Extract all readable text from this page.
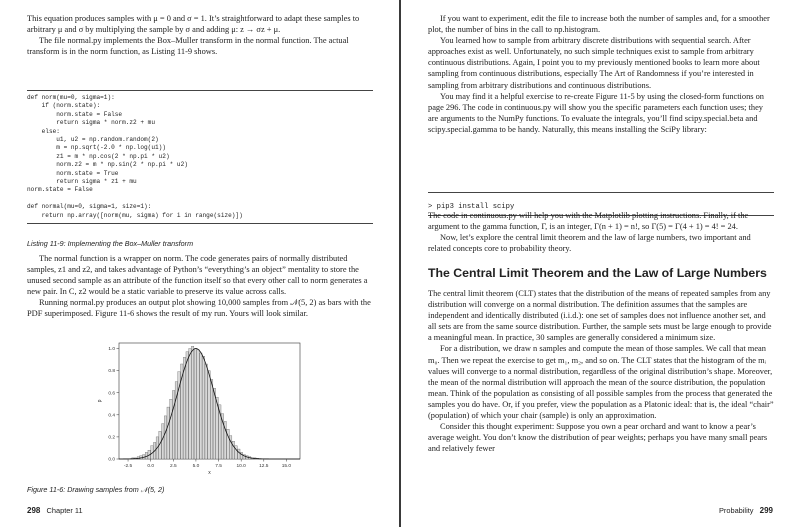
This equation produces samples with μ = 0 and σ = 1. It’s straightforward to adapt these samples to arbitrary μ and σ by multiplying the sample by σ and adding μ: z → σz + μ.

The file normal.py implements the Box–Muller transform in the normal function. The actual transform is in the norm function, as Listing 11-9 shows.

def norm(mu=0, sigma=1):
if (norm.state):
norm.state = False
return sigma * norm.z2 + mu
else:
u1, u2 = np.random.random(2)
m = np.sqrt(-2.0 * np.log(u1))
z1 = m * np.cos(2 * np.pi * u2)
norm.z2 = m * np.sin(2 * np.pi * u2)
norm.state = True
return sigma * z1 + mu
norm.state = False

def normal(mu=0, sigma=1, size=1):
return np.array([norm(mu, sigma) for i in range(size)])
Listing 11-9: Implementing the Box–Muller transform

The normal function is a wrapper on norm. The code generates pairs of normally distributed samples, z1 and z2, and takes advantage of Python’s “everything’s an object” mentality to store the unused second sample as an attribute of the function itself so that every other call to norm generates a new pair. In C, z2 would be a static variable to preserve its value across calls.

Running normal.py produces an output plot showing 10,000 samples from 𝒩(5, 2) as bars with the PDF superimposed. Figure 11-6 shows the result of my run. Yours will look similar.

-2.5	0.0	2.5	5.0	7.5	10.0	12.5	15.0
0.0
0.2
0.4
0.6
0.8
1.0
x
p
Figure 11-6: Drawing samples from 𝒩(5, 2)
298 Chapter 11

If you want to experiment, edit the file to increase both the number of samples and, for a smoother plot, the number of bins in the call to np.histogram.

You learned how to sample from arbitrary discrete distributions with sequential search. After approaches exist as well. Unfortunately, no such simple techniques exist to sample from arbitrary continuous distributions. Again, I point you to my previously mentioned books to learn more about sampling from continuous distributions, especially The Art of Randomness if you’re interested in sampling from arbitrary distributions and continuous distributions.

You may find it a helpful exercise to re-create Figure 11-5 by using the closed-form functions on page 296. The code in continuous.py will show you the specific parameters each function uses; they are arguments to the NumPy functions. To evaluate the integrals, you’ll find scipy.special.beta and scipy.special.gamma to be handy. Naturally, this means installing the SciPy library:

> pip3 install scipy

The code in continuous.py will help you with the Matplotlib plotting instructions. Finally, if the argument to the gamma function, Γ, is an integer, Γ(n + 1) = n!, so Γ(5) = Γ(4 + 1) = 4! = 24.

Now, let’s explore the central limit theorem and the law of large numbers, two important and related concepts core to probability theory.

The Central Limit Theorem and the Law of Large Numbers

The central limit theorem (CLT) states that the distribution of the means of repeated samples from any distribution will converge on a normal distribution. The definition assumes that the samples are independent and identically distributed (i.i.d.): one set of samples does not influence another set, and all sets are from the same source distribution. Further, the sample sets must be large enough to provide a meaningful mean. In practice, 30 samples are generally considered a minimum size.

For a distribution, we draw n samples and compute the mean of those samples. We call that mean m₀. Then we repeat the exercise to get m₁, m₂, and so on. The CLT states that the histogram of the mᵢ values will converge to a normal distribution, regardless of the original distribution’s shape. Moreover, the mean of the normal distribution will approach the mean of the source distribution, the population mean. Think of the population as consisting of all possible samples from the process that generated the samples you do have. Or, if you prefer, view the population as a Platonic ideal: that is, the ideal “chair” (population) of which your chair (sample) is only an approximation.

Consider this thought experiment: Suppose you own a pear orchard and want to know a pear’s average weight. You don’t know the distribution of pear weights; perhaps you have many small pears and relatively fewer

Probability 299
